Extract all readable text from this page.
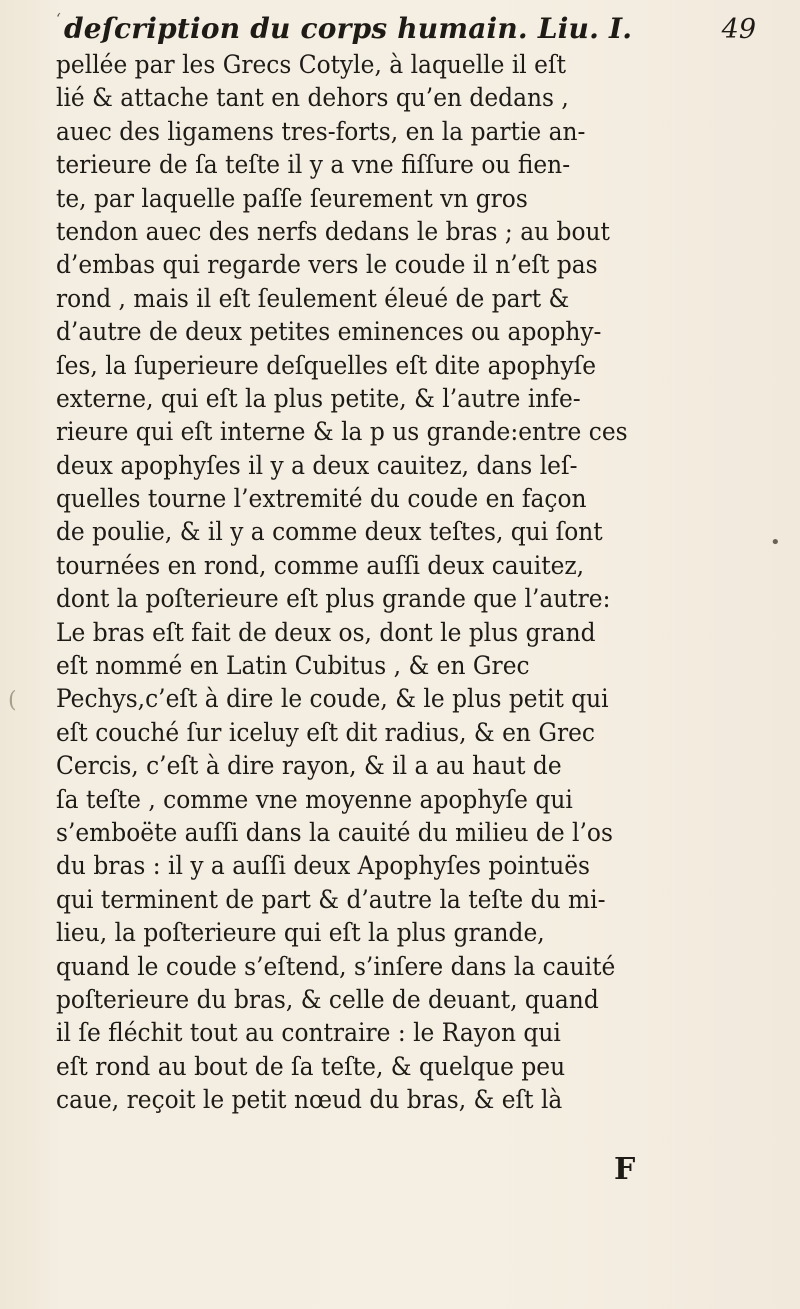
ʻ deſcription du corps humain. Liu. I.	49
pellée par les Grecs Cotyle, à laquelle il eſt
lié & attache tant en dehors qu’en dedans ,
auec des ligamens tres-forts, en la partie an-
terieure de ſa teſte il y a vne fiſſure ou fien-
te, par laquelle paſſe ſeurement vn gros
tendon auec des nerfs dedans le bras ; au bout
d’embas qui regarde vers le coude il n’eſt pas
rond , mais il eſt ſeulement éleué de part &
d’autre de deux petites eminences ou apophy-
ſes, la ſuperieure deſquelles eſt dite apophyſe
externe, qui eſt la plus petite, & l’autre infe-
rieure qui eſt interne & la p us grande:entre ces
deux apophyſes il y a deux cauitez, dans leſ-
quelles tourne l’extremité du coude en façon
de poulie, & il y a comme deux teſtes, qui ſont
tournées en rond, comme auſſi deux cauitez,
dont la poſterieure eſt plus grande que l’autre:
Le bras eſt fait de deux os, dont le plus grand
eſt nommé en Latin Cubitus , & en Grec
Pechys,c’eſt à dire le coude, & le plus petit qui
eſt couché ſur iceluy eſt dit radius, & en Grec
Cercis, c’eſt à dire rayon, & il a au haut de
ſa teſte , comme vne moyenne apophyſe qui
s’emboëte auſſi dans la cauité du milieu de l’os
du bras : il y a auſſi deux Apophyſes pointuës
qui terminent de part & d’autre la teſte du mi-
lieu, la poſterieure qui eſt la plus grande,
quand le coude s’eſtend, s’inſere dans la cauité
poſterieure du bras, & celle de deuant, quand
il ſe fléchit tout au contraire : le Rayon qui
eſt rond au bout de ſa teſte, & quelque peu
caue, reçoit le petit nœud du bras, & eſt là
F
(
•
